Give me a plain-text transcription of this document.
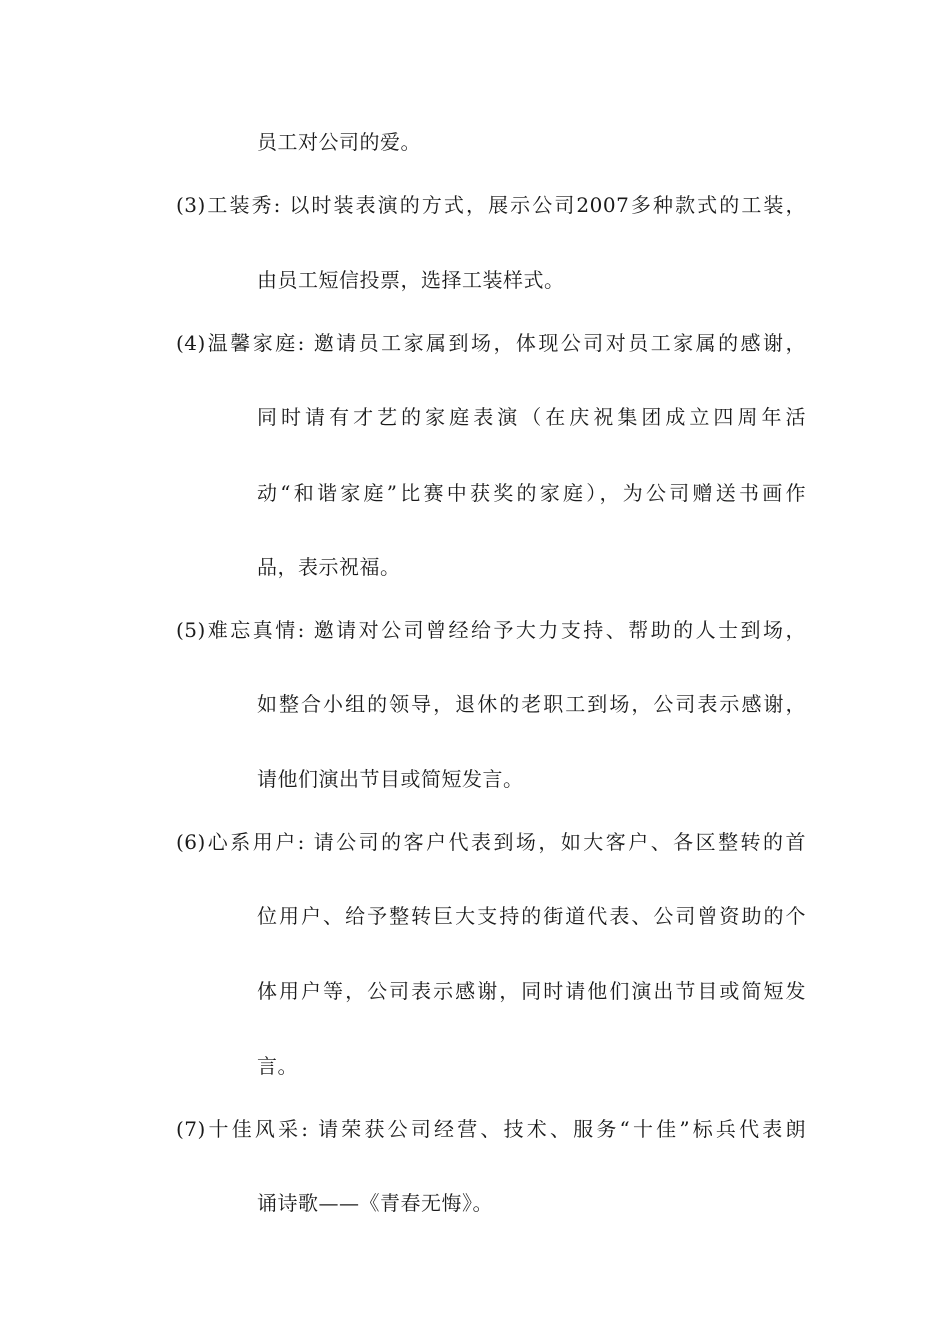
员工对公司的爱。
(3)工装秀: 以时装表演的方式，展示公司2007多种款式的工装，
由员工短信投票，选择工装样式。
(4)温馨家庭: 邀请员工家属到场，体现公司对员工家属的感谢，
同时请有才艺的家庭表演（在庆祝集团成立四周年活
动“和谐家庭”比赛中获奖的家庭），为公司赠送书画作
品，表示祝福。
(5)难忘真情: 邀请对公司曾经给予大力支持、帮助的人士到场，
如整合小组的领导，退休的老职工到场，公司表示感谢，
请他们演出节目或简短发言。
(6)心系用户: 请公司的客户代表到场，如大客户、各区整转的首
位用户、给予整转巨大支持的街道代表、公司曾资助的个
体用户等，公司表示感谢，同时请他们演出节目或简短发
言。
(7)十佳风采: 请荣获公司经营、技术、服务“十佳”标兵代表朗
诵诗歌——《青春无悔》。
